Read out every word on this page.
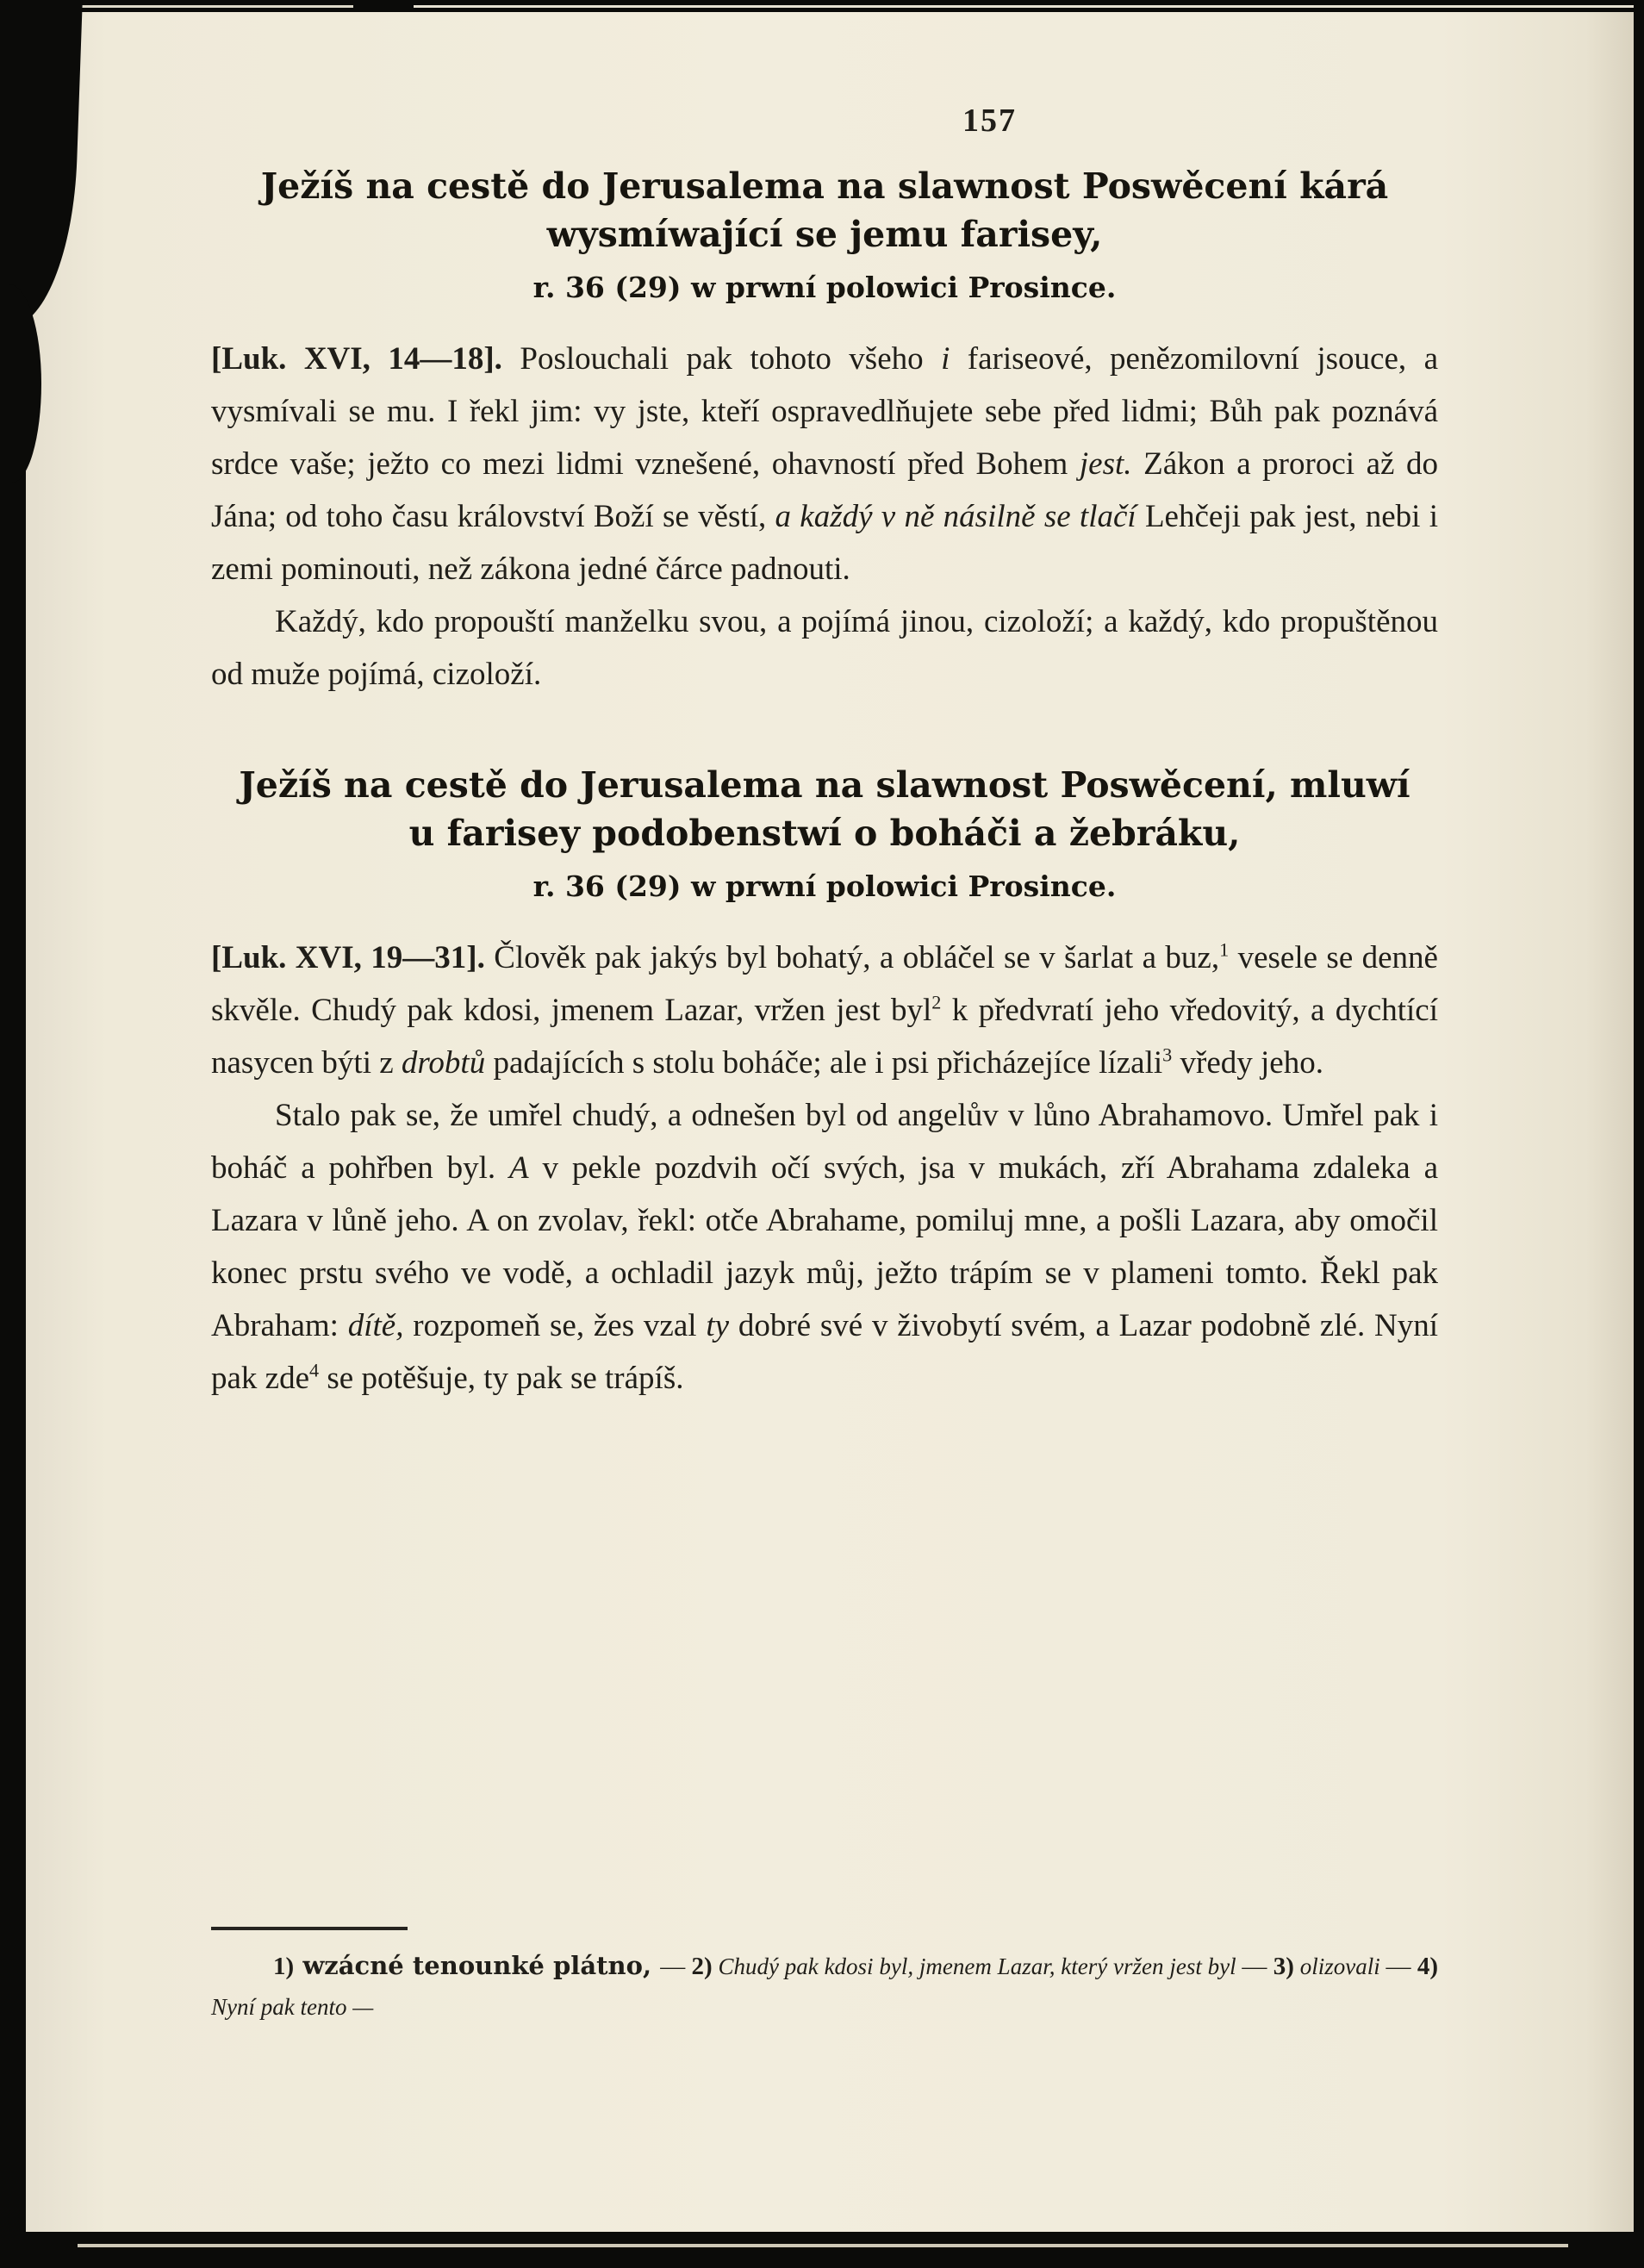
157
Ježíš na cestě do Jerusalema na slawnost Poswěcení kárá
wysmíwající se jemu farisey,
r. 36 (29) w prwní polowici Prosince.

[Luk. XVI, 14—18]. Poslouchali pak tohoto všeho i fariseové, penězomilovní jsouce, a vysmívali se mu. I řekl jim: vy jste, kteří ospravedlňujete sebe před lidmi; Bůh pak poznává srdce vaše; ježto co mezi lidmi vznešené, ohavností před Bohem jest. Zákon a proroci až do Jána; od toho času království Boží se věstí, a každý v ně násilně se tlačí Lehčeji pak jest, nebi i zemi pominouti, než zákona jedné čárce padnouti.

Každý, kdo propouští manželku svou, a pojímá jinou, cizoloží; a každý, kdo propuštěnou od muže pojímá, cizoloží.

Ježíš na cestě do Jerusalema na slawnost Poswěcení, mluwí
u farisey podobenstwí o boháči a žebráku,
r. 36 (29) w prwní polowici Prosince.

[Luk. XVI, 19—31]. Člověk pak jakýs byl bohatý, a obláčel se v šarlat a buz,$^1$ vesele se denně skvěle. Chudý pak kdosi, jmenem Lazar, vržen jest byl$^2$ k předvratí jeho vředovitý, a dychtící nasycen býti z drobtů padajících s stolu boháče; ale i psi přicházejíce lízali$^3$ vředy jeho.

Stalo pak se, že umřel chudý, a odnešen byl od angelův v lůno Abrahamovo. Umřel pak i boháč a pohřben byl. A v pekle pozdvih očí svých, jsa v mukách, zří Abrahama zdaleka a Lazara v lůně jeho. A on zvolav, řekl: otče Abrahame, pomiluj mne, a pošli Lazara, aby omočil konec prstu svého ve vodě, a ochladil jazyk můj, ježto trápím se v plameni tomto. Řekl pak Abraham: dítě, rozpomeň se, žes vzal ty dobré své v živobytí svém, a Lazar podobně zlé. Nyní pak zde$^4$ se potěšuje, ty pak se trápíš.

1) wzácné tenounké plátno, — 2) Chudý pak kdosi byl, jmenem Lazar, který vržen jest byl — 3) olizovali — 4) Nyní pak tento —
